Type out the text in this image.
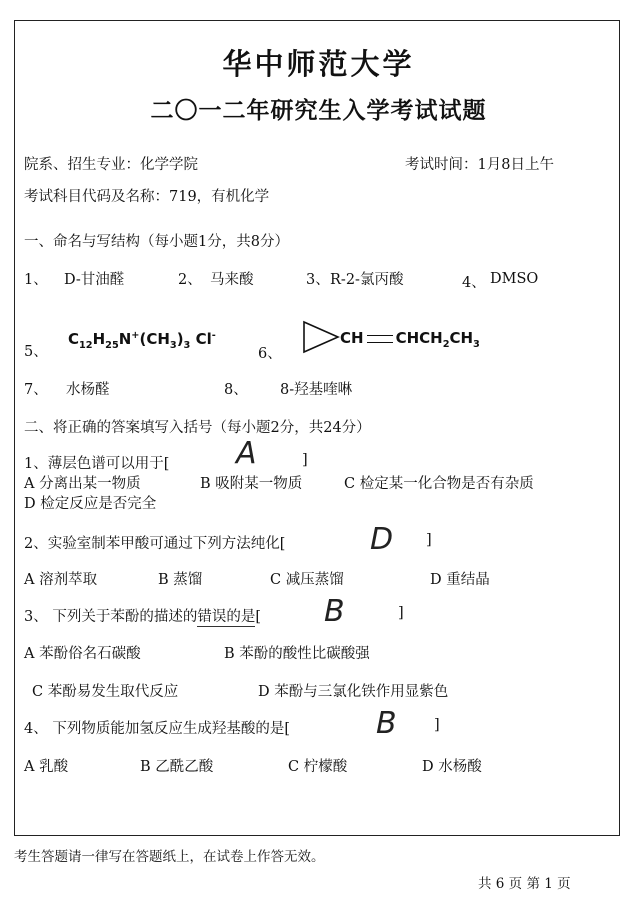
华中师范大学
二〇一二年研究生入学考试试题
院系、招生专业：化学学院	考试时间：1月8日上午
考试科目代码及名称：719，有机化学
一、命名与写结构（每小题1分，共8分）
1、 D-甘油醛	2、 马来酸	3、 R-2-氯丙酸	4、 DMSO
5、
$C_{12}H_{25}N^+(CH_3)_3$ Cl-
6、
CH $CHCH_2CH_3$
7、 水杨醛	8、 8-羟基喹啉
二、将正确的答案填写入括号（每小题2分，共24分）
1、薄层色谱可以用于[ A	]
A 分离出某一物质	B 吸附某一物质	C 检定某一化合物是否有杂质
D 检定反应是否完全
2、实验室制苯甲酸可通过下列方法纯化[	D ]
A 溶剂萃取	B 蒸馏	C 减压蒸馏	D 重结晶
3、 下列关于苯酚的描述的错误的是[ B	]
A 苯酚俗名石碳酸	B 苯酚的酸性比碳酸强
C 苯酚易发生取代反应	D 苯酚与三氯化铁作用显紫色
4、 下列物质能加氢反应生成羟基酸的是[	B	]
A 乳酸	B 乙酰乙酸	C 柠檬酸	D 水杨酸
考生答题请一律写在答题纸上，在试卷上作答无效。
共 6 页 第 1 页
